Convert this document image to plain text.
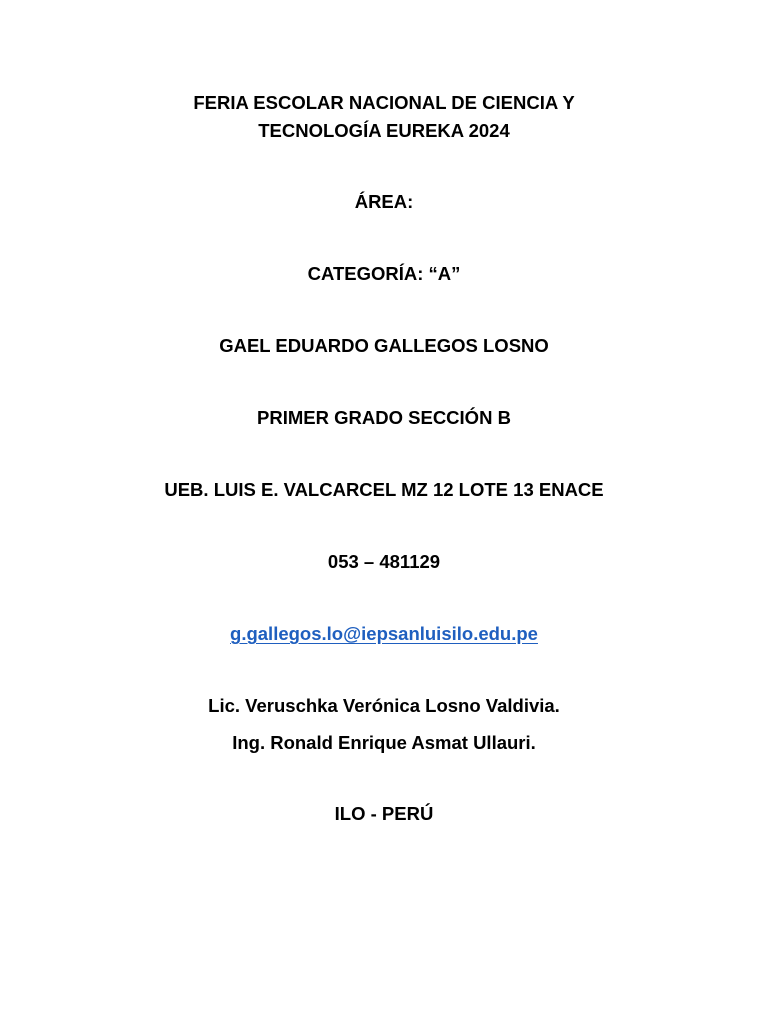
FERIA ESCOLAR NACIONAL DE CIENCIA Y
TECNOLOGÍA EUREKA 2024
ÁREA:
CATEGORÍA: “A”
GAEL EDUARDO GALLEGOS LOSNO
PRIMER GRADO SECCIÓN B
UEB. LUIS E. VALCARCEL MZ 12 LOTE 13 ENACE
053 – 481129
g.gallegos.lo@iepsanluisilo.edu.pe
Lic. Veruschka Verónica Losno Valdivia.
Ing. Ronald Enrique Asmat Ullauri.
ILO - PERÚ
